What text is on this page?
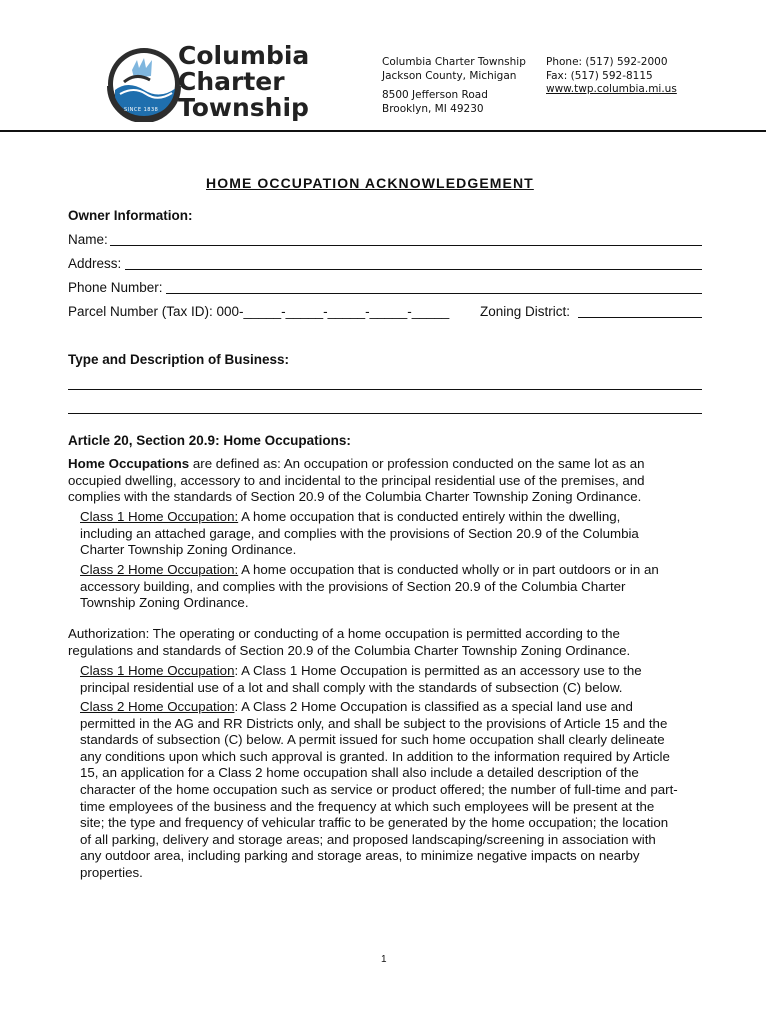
SINCE 1838
Columbia
Charter
Township
Columbia Charter Township
Jackson County, Michigan
8500 Jefferson Road
Brooklyn, MI 49230
Phone: (517) 592-2000
Fax: (517) 592-8115
www.twp.columbia.mi.us
HOME OCCUPATION ACKNOWLEDGEMENT
Owner Information:
Name:
Address:
Phone Number:
Parcel Number (Tax ID): 000-_____-_____-_____-_____-_____ Zoning District:
Type and Description of Business:
Article 20, Section 20.9: Home Occupations:
Home Occupations are defined as: An occupation or profession conducted on the same lot as an
occupied dwelling, accessory to and incidental to the principal residential use of the premises, and
complies with the standards of Section 20.9 of the Columbia Charter Township Zoning Ordinance.
Class 1 Home Occupation: A home occupation that is conducted entirely within the dwelling,
including an attached garage, and complies with the provisions of Section 20.9 of the Columbia
Charter Township Zoning Ordinance.
Class 2 Home Occupation: A home occupation that is conducted wholly or in part outdoors or in an
accessory building, and complies with the provisions of Section 20.9 of the Columbia Charter
Township Zoning Ordinance.
Authorization: The operating or conducting of a home occupation is permitted according to the
regulations and standards of Section 20.9 of the Columbia Charter Township Zoning Ordinance.
Class 1 Home Occupation: A Class 1 Home Occupation is permitted as an accessory use to the
principal residential use of a lot and shall comply with the standards of subsection (C) below.
Class 2 Home Occupation: A Class 2 Home Occupation is classified as a special land use and
permitted in the AG and RR Districts only, and shall be subject to the provisions of Article 15 and the
standards of subsection (C) below. A permit issued for such home occupation shall clearly delineate
any conditions upon which such approval is granted. In addition to the information required by Article
15, an application for a Class 2 home occupation shall also include a detailed description of the
character of the home occupation such as service or product offered; the number of full-time and part-
time employees of the business and the frequency at which such employees will be present at the
site; the type and frequency of vehicular traffic to be generated by the home occupation; the location
of all parking, delivery and storage areas; and proposed landscaping/screening in association with
any outdoor area, including parking and storage areas, to minimize negative impacts on nearby
properties.
1
